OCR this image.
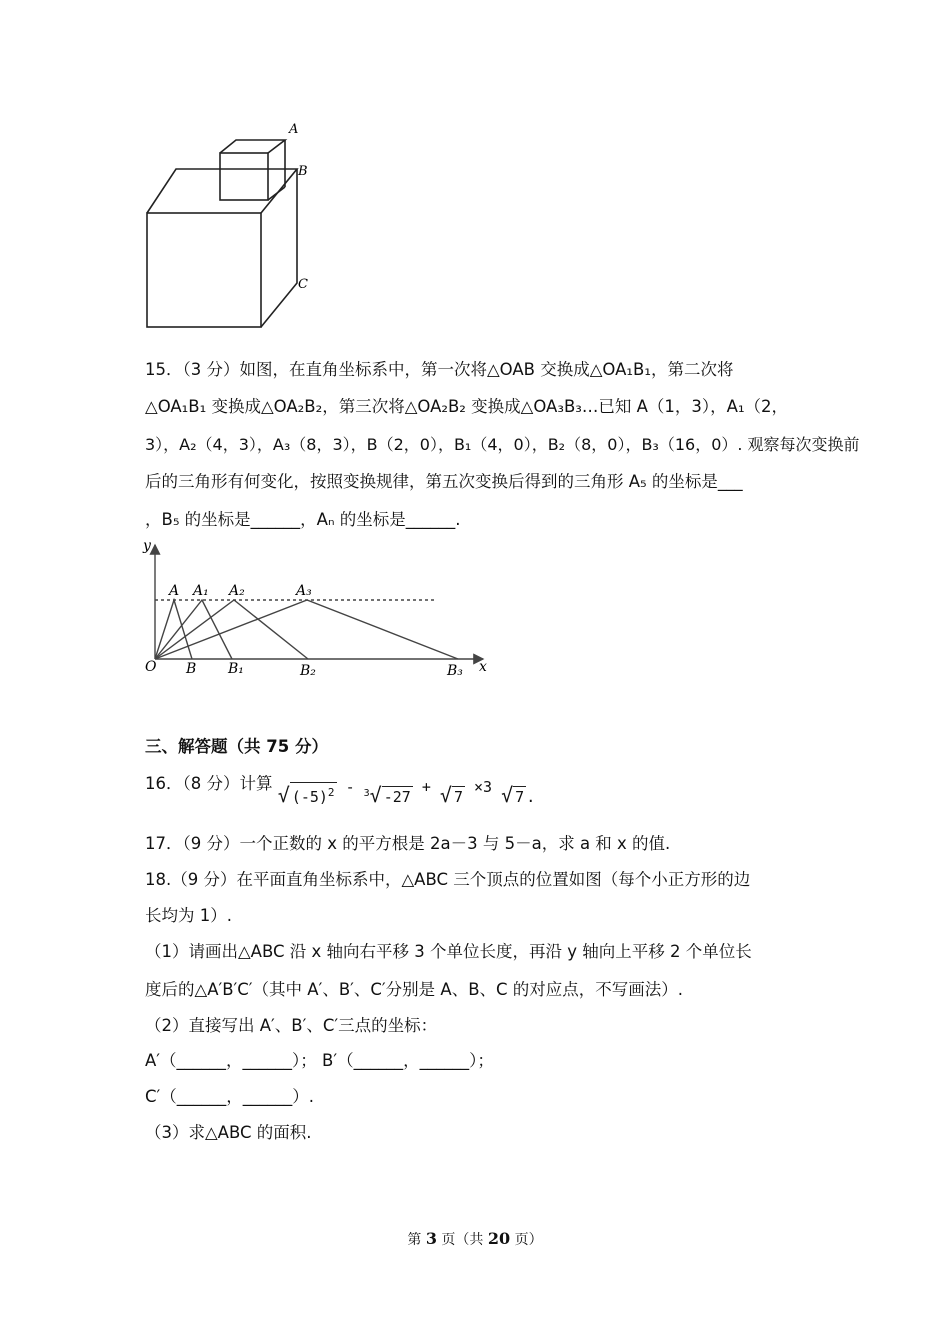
A
B
C
15．（3 分）如图，在直角坐标系中，第一次将△OAB 交换成△OA₁B₁，第二次将
△OA₁B₁ 变换成△OA₂B₂，第三次将△OA₂B₂ 变换成△OA₃B₃…已知 A（1，3），A₁（2，
3），A₂（4，3），A₃（8，3），B（2，0），B₁（4，0），B₂（8，0），B₃（16，0）. 观察每次变换前
后的三角形有何变化，按照变换规律，第五次变换后得到的三角形 A₅ 的坐标是___
，B₅ 的坐标是______，Aₙ 的坐标是______.
y
x
O
A A₁ A₂	A₃
B B₁	B₂	B₃
三、解答题（共 75 分）
16．（8 分）计算 √ $(-5)^2 - ^3√$ -27 + √ 7 ×3 √ 7 .
17．（9 分）一个正数的 x 的平方根是 2a－3 与 5－a，求 a 和 x 的值.
18.（9 分）在平面直角坐标系中，△ABC 三个顶点的位置如图（每个小正方形的边
长均为 1）.
（1）请画出△ABC 沿 x 轴向右平移 3 个单位长度，再沿 y 轴向上平移 2 个单位长
度后的△A′B′C′（其中 A′、B′、C′分别是 A、B、C 的对应点，不写画法）.
（2）直接写出 A′、B′、C′三点的坐标：
A′（______，______）； B′（______，______）；
C′（______，______）.
（3）求△ABC 的面积.
第 3 页（共 20 页）
